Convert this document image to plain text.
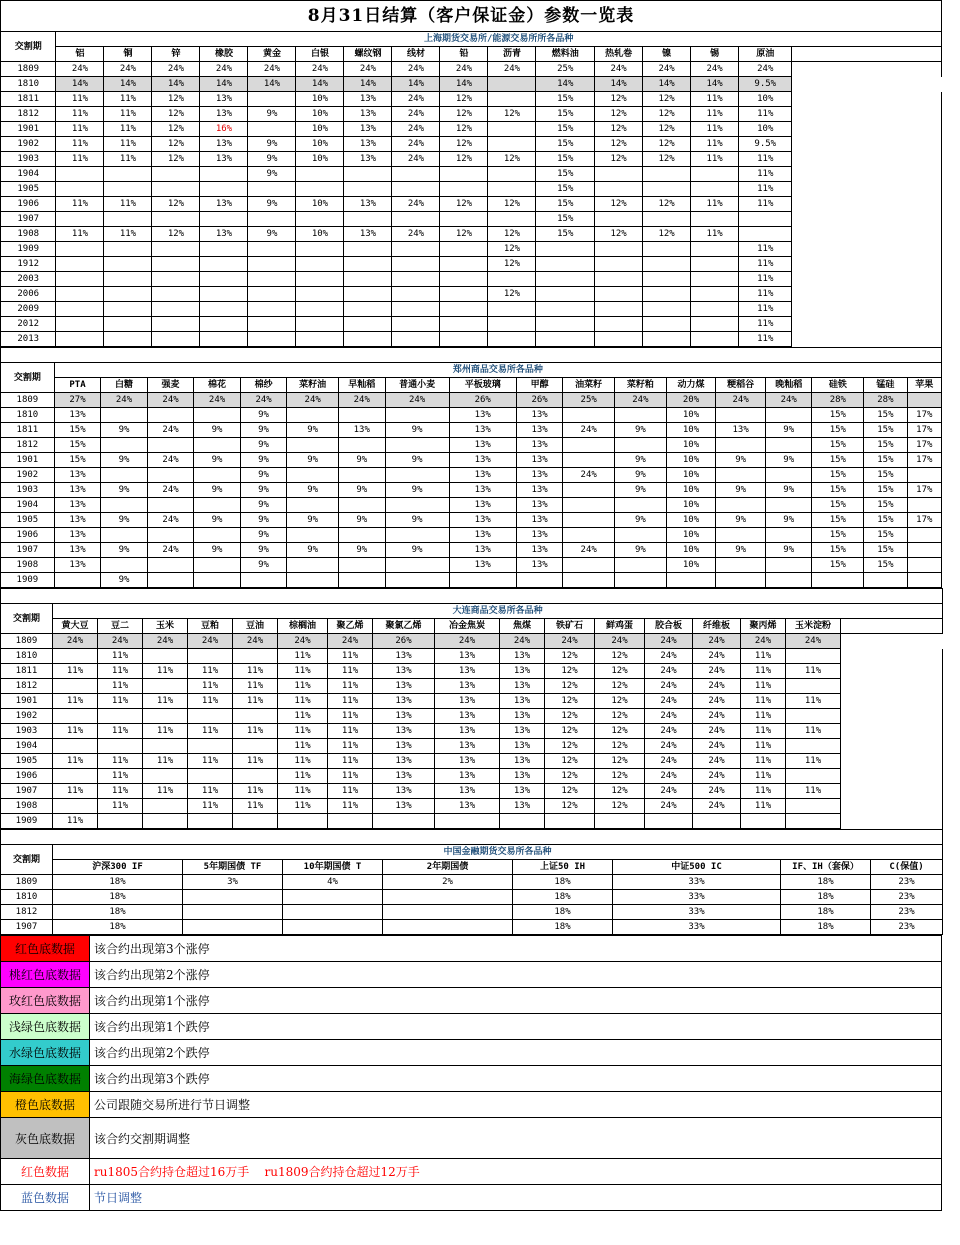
8月31日结算（客户保证金）参数一览表
交割期	上海期货交易所/能源交易所所各品种															
	铝	铜	锌	橡胶	黄金	白银	螺纹钢	线材	铅	沥青	燃料油	热轧卷	镍	锡	原油	
1809	24%	24%	24%	24%	24%	24%	24%	24%	24%	24%	25%	24%	24%	24%	24%	
1810	14%	14%	14%	14%	14%	14%	14%	14%	14%		14%	14%	14%	14%	9.5%	
1811	11%	11%	12%	13%		10%	13%	24%	12%		15%	12%	12%	11%	10%	
1812	11%	11%	12%	13%	9%	10%	13%	24%	12%	12%	15%	12%	12%	11%	11%	
1901	11%	11%	12%	16%		10%	13%	24%	12%		15%	12%	12%	11%	10%	
1902	11%	11%	12%	13%	9%	10%	13%	24%	12%		15%	12%	12%	11%	9.5%	
1903	11%	11%	12%	13%	9%	10%	13%	24%	12%	12%	15%	12%	12%	11%	11%	
1904					9%						15%				11%	
1905											15%				11%	
1906	11%	11%	12%	13%	9%	10%	13%	24%	12%	12%	15%	12%	12%	11%	11%	
1907											15%					
1908	11%	11%	12%	13%	9%	10%	13%	24%	12%	12%	15%	12%	12%	11%		
1909										12%					11%	
1912										12%					11%	
2003															11%	
2006										12%					11%	
2009															11%	
2012															11%	
2013															11%	

交割期	郑州商品交易所各品种																	
	PTA	白糖	强麦	棉花	棉纱	菜籽油	早籼稻	普通小麦	平板玻璃	甲醇	油菜籽	菜籽粕	动力煤	粳稻谷	晚籼稻	硅铁	锰硅	苹果
1809	27%	24%	24%	24%	24%	24%	24%	24%	26%	26%	25%	24%	20%	24%	24%	28%	28%	
1810	13%				9%				13%	13%			10%			15%	15%	17%
1811	15%	9%	24%	9%	9%	9%	13%	9%	13%	13%	24%	9%	10%	13%	9%	15%	15%	17%
1812	15%				9%				13%	13%			10%			15%	15%	17%
1901	15%	9%	24%	9%	9%	9%	9%	9%	13%	13%		9%	10%	9%	9%	15%	15%	17%
1902	13%				9%				13%	13%	24%	9%	10%			15%	15%	
1903	13%	9%	24%	9%	9%	9%	9%	9%	13%	13%		9%	10%	9%	9%	15%	15%	17%
1904	13%				9%				13%	13%			10%			15%	15%	
1905	13%	9%	24%	9%	9%	9%	9%	9%	13%	13%		9%	10%	9%	9%	15%	15%	17%
1906	13%				9%				13%	13%			10%			15%	15%	
1907	13%	9%	24%	9%	9%	9%	9%	9%	13%	13%	24%	9%	10%	9%	9%	15%	15%	
1908	13%				9%				13%	13%			10%			15%	15%	
1909		9%																

交割期	大连商品交易所各品种																
	黄大豆	豆二	玉米	豆粕	豆油	棕榈油	聚乙烯	聚氯乙烯	冶金焦炭	焦煤	铁矿石	鲜鸡蛋	胶合板	纤维板	聚丙烯	玉米淀粉	
1809	24%	24%	24%	24%	24%	24%	24%	26%	24%	24%	24%	24%	24%	24%	24%	24%	
1810		11%				11%	11%	13%	13%	13%	12%	12%	24%	24%	11%		
1811	11%	11%	11%	11%	11%	11%	11%	13%	13%	13%	12%	12%	24%	24%	11%	11%	
1812		11%		11%	11%	11%	11%	13%	13%	13%	12%	12%	24%	24%	11%		
1901	11%	11%	11%	11%	11%	11%	11%	13%	13%	13%	12%	12%	24%	24%	11%	11%	
1902						11%	11%	13%	13%	13%	12%	12%	24%	24%	11%		
1903	11%	11%	11%	11%	11%	11%	11%	13%	13%	13%	12%	12%	24%	24%	11%	11%	
1904						11%	11%	13%	13%	13%	12%	12%	24%	24%	11%		
1905	11%	11%	11%	11%	11%	11%	11%	13%	13%	13%	12%	12%	24%	24%	11%	11%	
1906		11%				11%	11%	13%	13%	13%	12%	12%	24%	24%	11%		
1907	11%	11%	11%	11%	11%	11%	11%	13%	13%	13%	12%	12%	24%	24%	11%	11%	
1908		11%		11%	11%	11%	11%	13%	13%	13%	12%	12%	24%	24%	11%		
1909	11%																

交割期	中国金融期货交易所各品种							
	沪深300 IF	5年期国债 TF	10年期国债 T	2年期国债	上证50 IH	中证500 IC	IF、IH（套保）	C(保值)
1809	18%	3%	4%	2%	18%	33%	18%	23%
1810	18%				18%	33%	18%	23%
1812	18%				18%	33%	18%	23%
1907	18%				18%	33%	18%	23%
红色底数据	该合约出现第3个涨停
桃红色底数据	该合约出现第2个涨停
玫红色底数据	该合约出现第1个涨停
浅绿色底数据	该合约出现第1个跌停
水绿色底数据	该合约出现第2个跌停
海绿色底数据	该合约出现第3个跌停
橙色底数据	公司跟随交易所进行节日调整
灰色底数据	该合约交割期调整
红色数据	ru1805合约持仓超过16万手    ru1809合约持仓超过12万手
蓝色数据	节日调整
